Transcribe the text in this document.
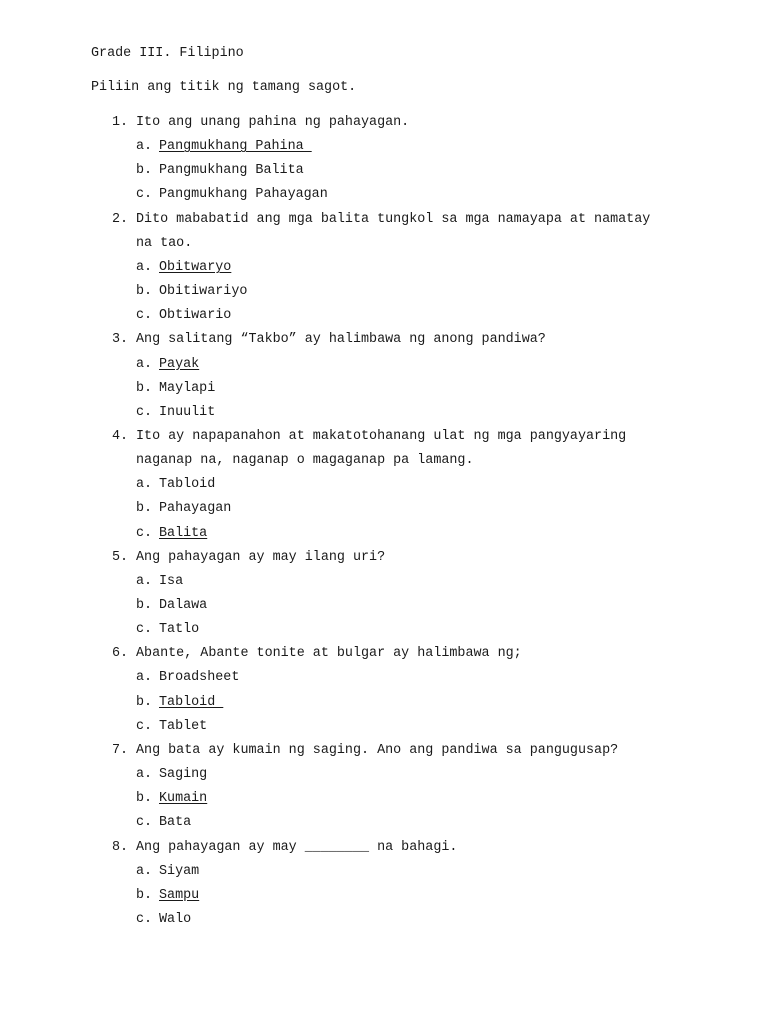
Grade III. Filipino
Piliin ang titik ng tamang sagot.
1. Ito ang unang pahina ng pahayagan.
a. Pangmukhang Pahina
b. Pangmukhang Balita
c. Pangmukhang Pahayagan
2. Dito mababatid ang mga balita tungkol sa mga namayapa at namatay
na tao.
a. Obitwaryo
b. Obitiwariyo
c. Obtiwario
3. Ang salitang “Takbo” ay halimbawa ng anong pandiwa?
a. Payak
b. Maylapi
c. Inuulit
4. Ito ay napapanahon at makatotohanang ulat ng mga pangyayaring
naganap na, naganap o magaganap pa lamang.
a. Tabloid
b. Pahayagan
c. Balita
5. Ang pahayagan ay may ilang uri?
a. Isa
b. Dalawa
c. Tatlo
6. Abante, Abante tonite at bulgar ay halimbawa ng;
a. Broadsheet
b. Tabloid
c. Tablet
7. Ang bata ay kumain ng saging. Ano ang pandiwa sa pangugusap?
a. Saging
b. Kumain
c. Bata
8. Ang pahayagan ay may ________ na bahagi.
a. Siyam
b. Sampu
c. Walo
